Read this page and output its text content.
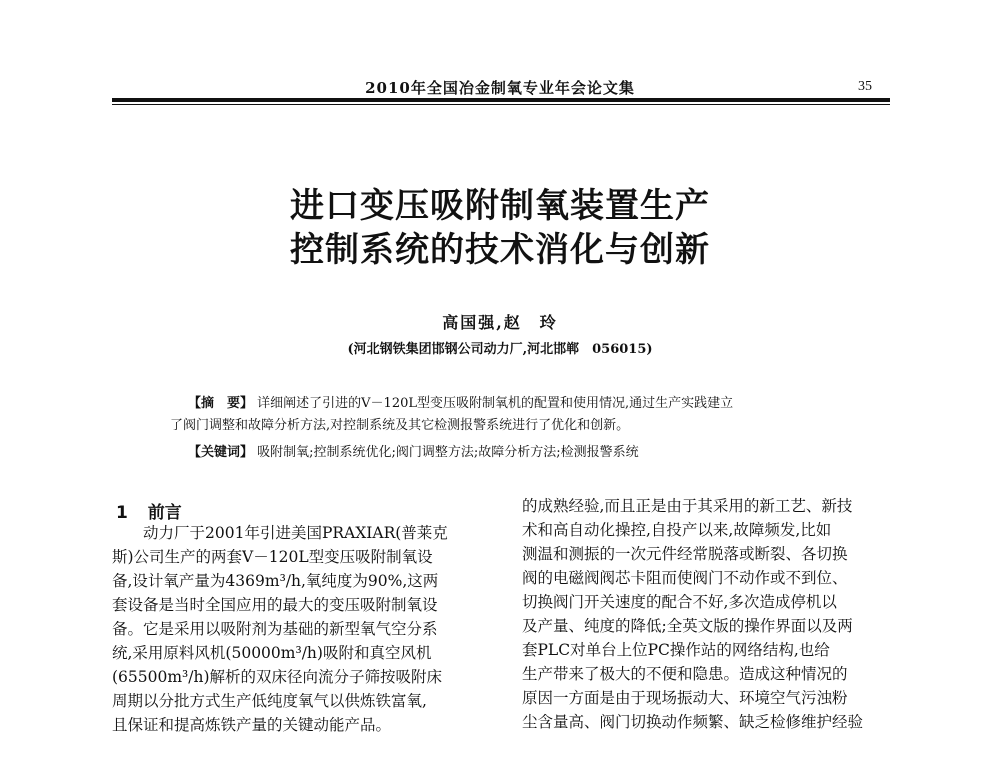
2010年全国冶金制氧专业年会论文集	35
进口变压吸附制氧装置生产
控制系统的技术消化与创新
高国强,赵　玲
(河北钢铁集团邯钢公司动力厂,河北邯郸　056015)
【摘　要】 详细阐述了引进的V－120L型变压吸附制氧机的配置和使用情况,通过生产实践建立
了阀门调整和故障分析方法,对控制系统及其它检测报警系统进行了优化和创新。
【关键词】 吸附制氧;控制系统优化;阀门调整方法;故障分析方法;检测报警系统
1 前言
动力厂于2001年引进美国PRAXIAR(普莱克
斯)公司生产的两套V－120L型变压吸附制氧设
备,设计氧产量为4369m³/h,氧纯度为90%,这两
套设备是当时全国应用的最大的变压吸附制氧设
备。它是采用以吸附剂为基础的新型氧气空分系
统,采用原料风机(50000m³/h)吸附和真空风机
(65500m³/h)解析的双床径向流分子筛按吸附床
周期以分批方式生产低纯度氧气以供炼铁富氧,
且保证和提高炼铁产量的关键动能产品。
的成熟经验,而且正是由于其采用的新工艺、新技
术和高自动化操控,自投产以来,故障频发,比如
测温和测振的一次元件经常脱落或断裂、各切换
阀的电磁阀阀芯卡阻而使阀门不动作或不到位、
切换阀门开关速度的配合不好,多次造成停机以
及产量、纯度的降低;全英文版的操作界面以及两
套PLC对单台上位PC操作站的网络结构,也给
生产带来了极大的不便和隐患。造成这种情况的
原因一方面是由于现场振动大、环境空气污浊粉
尘含量高、阀门切换动作频繁、缺乏检修维护经验
